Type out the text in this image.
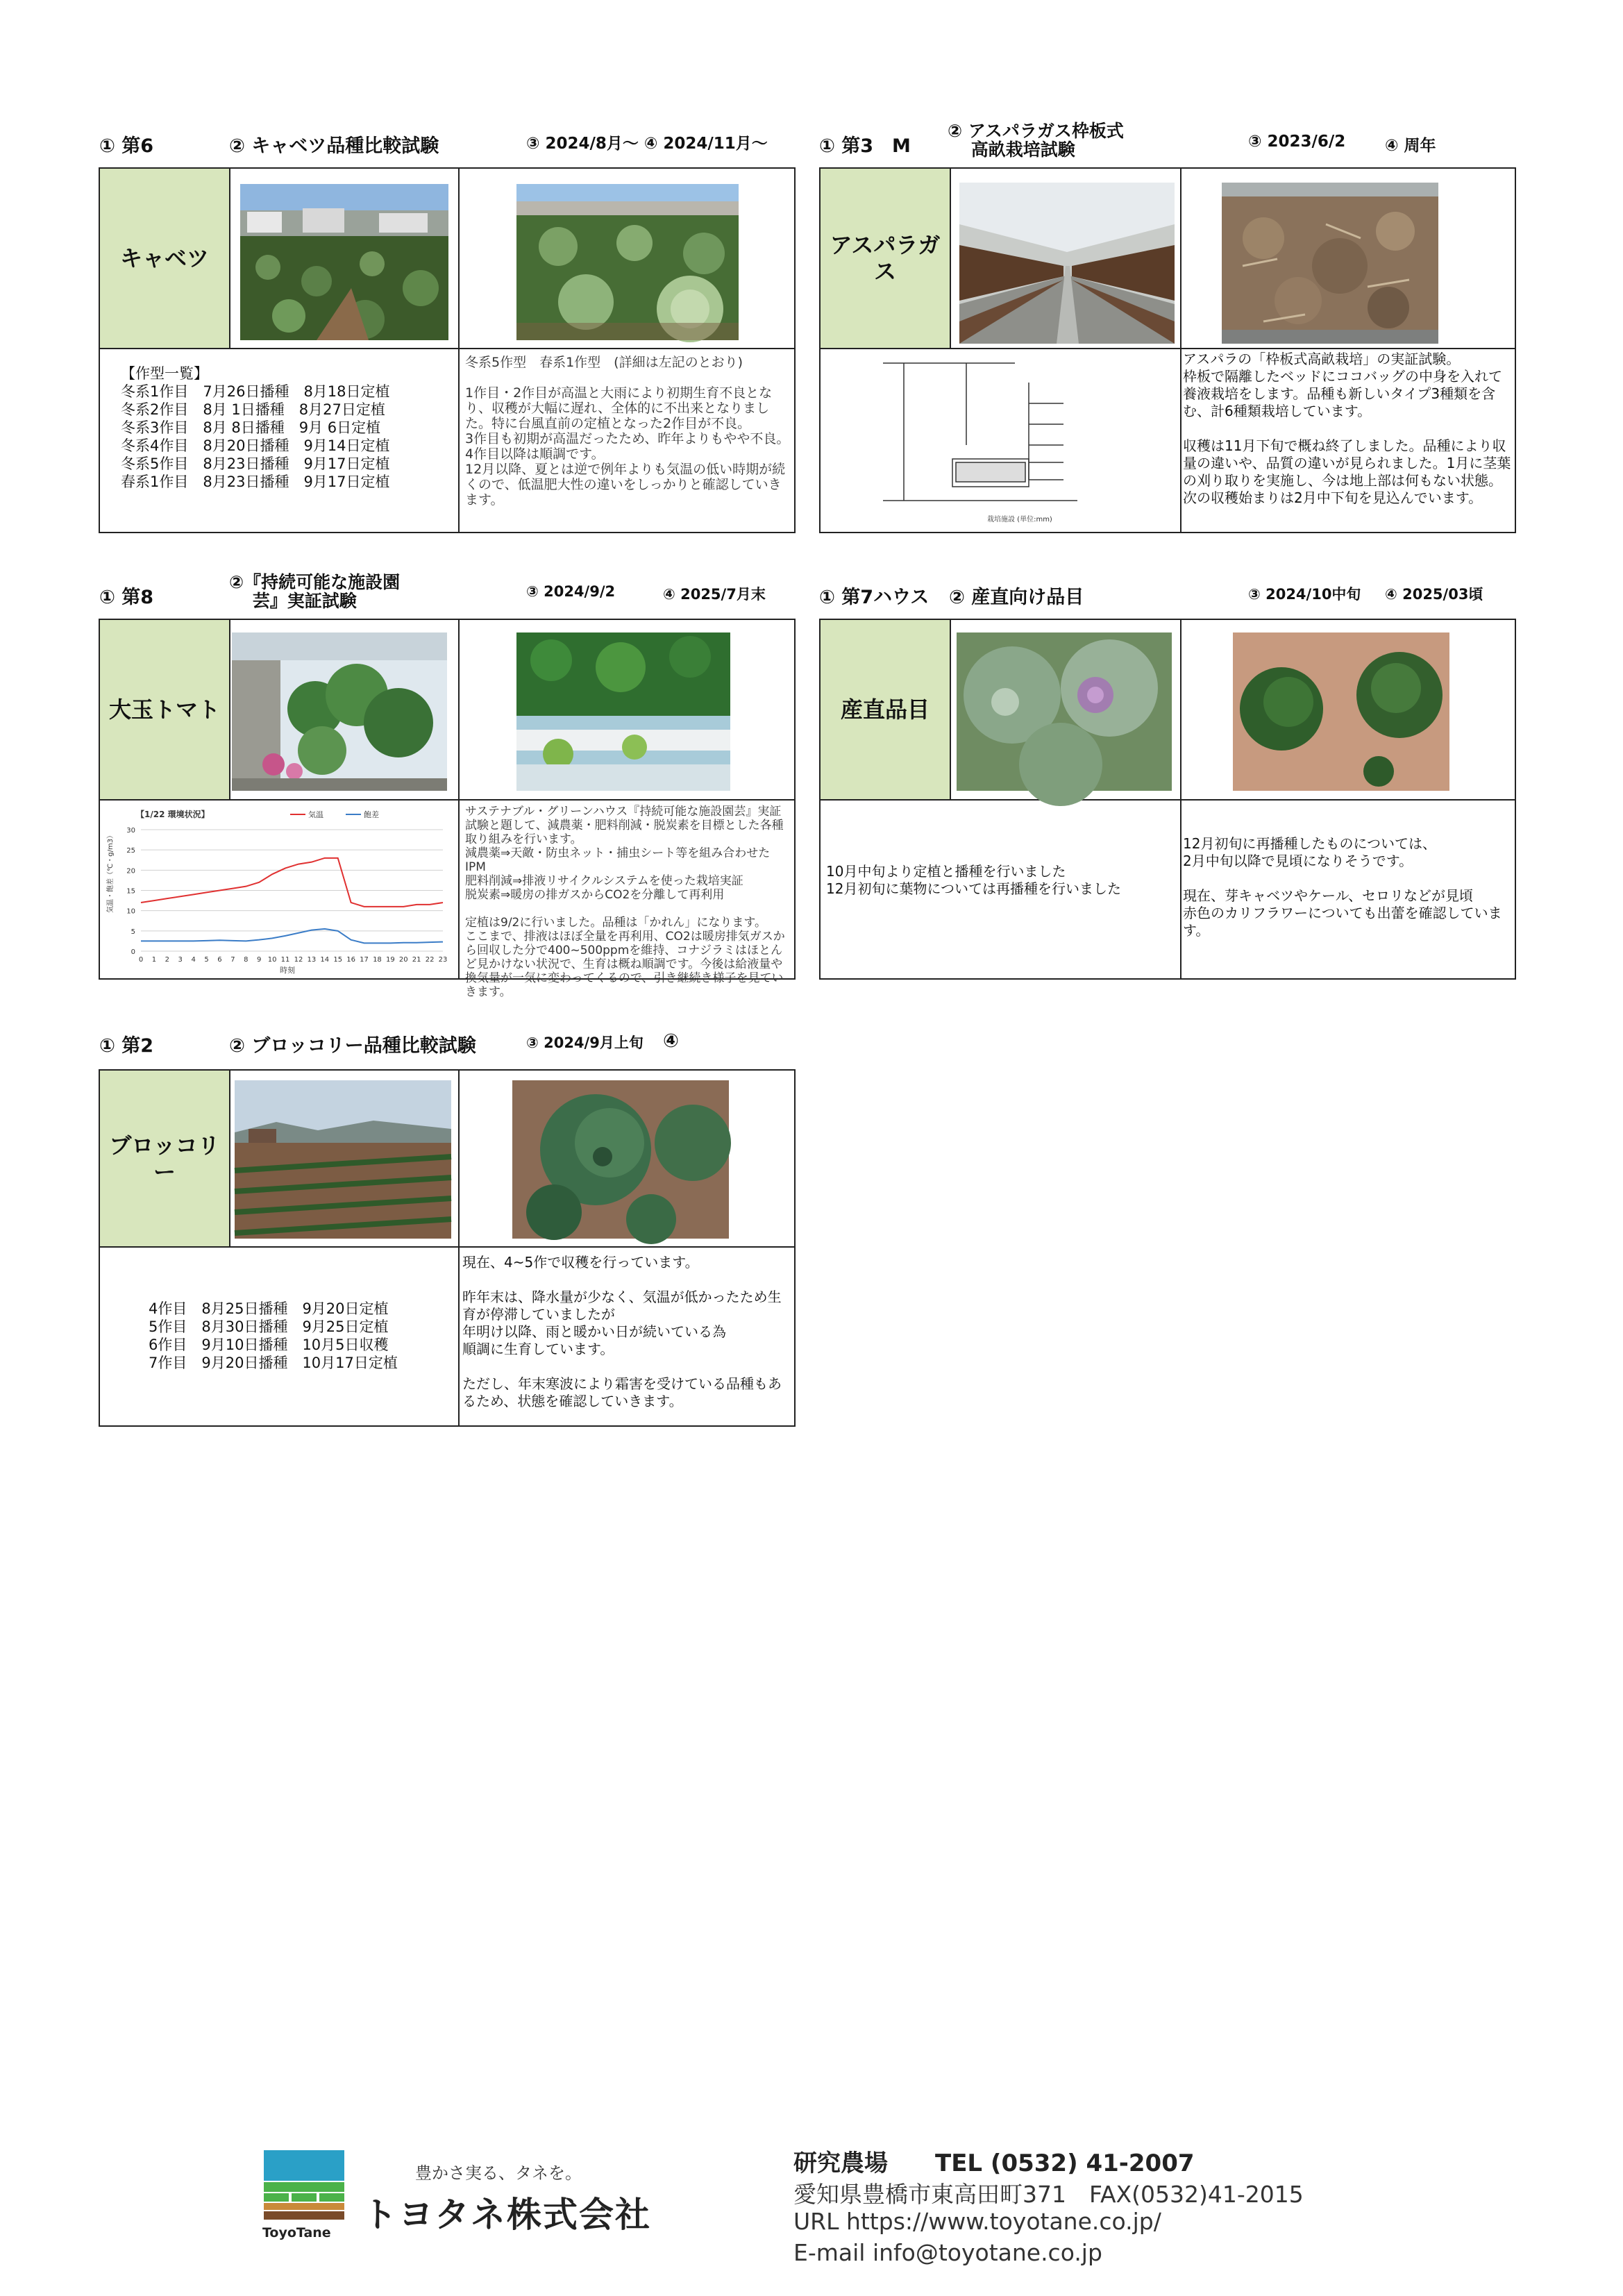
① 第6	② キャベツ品種比較試験	③ 2024/8月～ ④ 2024/11月～
キャベツ
【作型一覧】
冬系1作目　7月26日播種　8月18日定植
冬系2作目　8月 1日播種　8月27日定植
冬系3作目　8月 8日播種　9月 6日定植
冬系4作目　8月20日播種　9月14日定植
冬系5作目　8月23日播種　9月17日定植
春系1作目　8月23日播種　9月17日定植
冬系5作型　春系1作型　(詳細は左記のとおり)

1作目・2作目が高温と大雨により初期生育不良となり、収穫が大幅に遅れ、全体的に不出来となりました。特に台風直前の定植となった2作目が不良。
3作目も初期が高温だったため、昨年よりもやや不良。4作目以降は順調です。
12月以降、夏とは逆で例年よりも気温の低い時期が続くので、低温肥大性の違いをしっかりと確認していきます。
① 第3　M
② アスパラガス枠板式
　 高畝栽培試験	③ 2023/6/2 ④ 周年
アスパラガ
ス
栽培施設 (単位:mm)
アスパラの「枠板式高畝栽培」の実証試験。
枠板で隔離したベッドにココバッグの中身を入れて養液栽培をします。品種も新しいタイプ3種類を含む、計6種類栽培しています。

収穫は11月下旬で概ね終了しました。品種により収量の違いや、品質の違いが見られました。1月に茎葉の刈り取りを実施し、今は地上部は何もない状態。次の収穫始まりは2月中下旬を見込んでいます。
① 第8
②『持続可能な施設園
　 芸』実証試験	③ 2024/9/2	④ 2025/7月末
大玉トマト
【1/22 環境状況】
気温・飽差（℃・g/m3）
時刻
0
5
10
15
20
25
30
0 1 2 3 4 5 6 7 8 9 10 11 12 13 14 15 16 17 18 19 20 21 22 23
気温	飽差	サステナブル・グリーンハウス『持続可能な施設園芸』実証試験と題して、減農薬・肥料削減・脱炭素を目標とした各種取り組みを行います。
減農薬⇒天敵・防虫ネット・捕虫シート等を組み合わせたIPM
肥料削減⇒排液リサイクルシステムを使った栽培実証
脱炭素⇒暖房の排ガスからCO2を分離して再利用

定植は9/2に行いました。品種は「かれん」になります。
ここまで、排液はほぼ全量を再利用、CO2は暖房排気ガスから回収した分で400~500ppmを維持、コナジラミはほとんど見かけない状況で、生育は概ね順調です。今後は給液量や換気量が一気に変わってくるので、引き継続き様子を見ていきます。
① 第7ハウス ② 産直向け品目	③ 2024/10中旬 ④ 2025/03頃
産直品目
10月中旬より定植と播種を行いました
12月初旬に葉物については再播種を行いました
12月初旬に再播種したものについては、
2月中旬以降で見頃になりそうです。

現在、芽キャベツやケール、セロリなどが見頃
赤色のカリフラワーについても出蕾を確認しています。
① 第2	② ブロッコリー品種比較試験	③ 2024/9月上旬 ④
ブロッコリー
4作目　8月25日播種　9月20日定植
5作目　8月30日播種　9月25日定植
6作目　9月10日播種　10月5日収穫
7作目　9月20日播種　10月17日定植
現在、4~5作で収穫を行っています。

昨年末は、降水量が少なく、気温が低かったため生育が停滞していましたが
年明け以降、雨と暖かい日が続いている為
順調に生育しています。

ただし、年末寒波により霜害を受けている品種もあるため、状態を確認していきます。
ToyoTane
豊かさ実る、タネを。
トヨタネ株式会社
研究農場　　TEL (0532) 41-2007
愛知県豊橋市東高田町371　FAX(0532)41-2015
URL https://www.toyotane.co.jp/
E-mail info@toyotane.co.jp
